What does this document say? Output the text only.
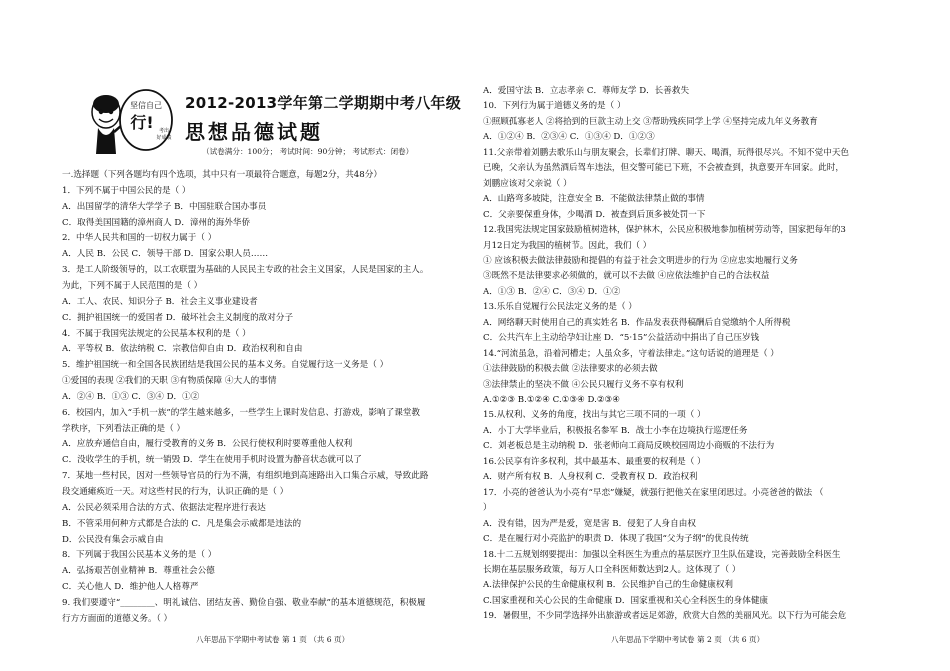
坚信自己
行! 考出
好成绩
2012-2013学年第二学期期中考八年级
思想品德试题
（试卷满分：100分； 考试时间：90分钟； 考试形式：闭卷）
一.选择题（下列各题均有四个选项，其中只有一项最符合题意，每题2分，共48分）
1．下列不属于中国公民的是（ ）
A．出国留学的清华大学学子 B．中国驻联合国办事员
C．取得美国国籍的漳州商人 D．漳州的海外华侨
2．中华人民共和国的一切权力属于（ ）
A．人民 B．公民 C．领导干部 D．国家公职人员……
3．是工人阶级领导的，以工农联盟为基础的人民民主专政的社会主义国家，人民是国家的主人。
为此，下列不属于人民范围的是（ ）
A．工人、农民、知识分子 B．社会主义事业建设者
C．拥护祖国统一的爱国者 D．破坏社会主义制度的敌对分子
4．不属于我国宪法规定的公民基本权利的是（ ）
A．平等权 B．依法纳税 C．宗教信仰自由 D．政治权利和自由
5．维护祖国统一和全国各民族团结是我国公民的基本义务。自觉履行这一义务是（ ）
①爱国的表现 ②我们的天职 ③有物质保障 ④大人的事情
A．②④ B．①③ C．③④ D．①②
6．校园内，加入“手机一族”的学生越来越多，一些学生上课时发信息、打游戏，影响了课堂教
学秩序，下列看法正确的是（ ）
A．应放弃通信自由，履行受教育的义务 B．公民行使权利时要尊重他人权利
C．没收学生的手机，统一销毁 D．学生在使用手机时设置为静音状态就可以了
7．某地一些村民，因对一些领导官员的行为不满，有组织地到高速路出入口集合示威，导致此路
段交通瘫痪近一天。对这些村民的行为，认识正确的是（ ）
A．公民必须采用合法的方式、依据法定程序进行表达
B．不管采用何种方式都是合法的 C．凡是集会示威都是违法的
D．公民没有集会示威自由
8．下列属于我国公民基本义务的是（ ）
A．弘扬艰苦创业精神 B．尊重社会公德
C．关心他人 D．维护他人人格尊严
9. 我们要遵守“________、明礼诚信、团结友善、勤俭自强、敬业奉献”的基本道德规范，积极履
行方方面面的道德义务。（ ）
八年思品下学期中考试卷 第 1 页 （共 6 页）
A．爱国守法 B．立志孝亲 C．尊师友学 D．长善救失
10．下列行为属于道德义务的是（ ）
①照顾孤寡老人 ②将拾到的巨款主动上交 ③帮助残疾同学上学 ④坚持完成九年义务教育
A．①②④ B．②③④ C．①③④ D．①②③
11.父亲带着刘鹏去歌乐山与朋友聚会，长辈们打牌、聊天、喝酒，玩得很尽兴。不知不觉中天色
已晚，父亲认为虽然酒后驾车违法，但交警可能已下班，不会被查到，执意要开车回家。此时，
刘鹏应该对父亲说（ ）
A．山路弯多坡陡，注意安全 B．不能做法律禁止做的事情
C．父亲要保重身体，少喝酒 D．被查到后顶多被处罚一下
12.我国宪法规定国家鼓励植树造林，保护林木，公民应积极地参加植树劳动等，国家把每年的3
月12日定为我国的植树节。因此，我们（ ）
① 应该积极去做法律鼓励和提倡的有益于社会文明进步的行为 ②应忠实地履行义务
③既然不是法律要求必须做的，就可以不去做 ④应依法维护自己的合法权益
A．①③ B．②④ C．③④ D．①②
13.乐乐自觉履行公民法定义务的是（ ）
A．网络聊天时使用自己的真实姓名 B．作品发表获得稿酬后自觉缴纳个人所得税
C．公共汽车上主动给孕妇让座 D．“5·15”公益活动中捐出了自己压岁钱
14.“河流虽急，沿着河槽走；人虽众多，守着法律走。”这句话说的道理是（ ）
①法律鼓励的积极去做 ②法律要求的必须去做
③法律禁止的坚决不做 ④公民只履行义务不享有权利
A.①②③ B.①②④ C.①③④ D.②③④
15.从权利、义务的角度，找出与其它三项不同的一项（ ）
A．小丁大学毕业后，积极报名参军 B．战士小李在边境执行巡逻任务
C．刘老板总是主动纳税 D．张老师向工商局反映校园周边小商贩的不法行为
16.公民享有许多权利，其中最基本、最重要的权利是（ ）
A．财产所有权 B．人身权利 C．受教育权 D．政治权利
17．小亮的爸爸认为小亮有“早恋”嫌疑，就强行把他关在家里闭思过。小亮爸爸的做法 （
）
A．没有错，因为严是爱，宽是害 B．侵犯了人身自由权
C．是在履行对小亮监护的职责 D．体现了我国“父为子纲”的优良传统
18.十二五规划纲要提出：加强以全科医生为重点的基层医疗卫生队伍建设，完善鼓励全科医生
长期在基层服务政策，每万人口全科医师数达到2人。这体现了（ ）
A.法律保护公民的生命健康权利 B．公民维护自己的生命健康权利
C.国家重视和关心公民的生命健康 D．国家重视和关心全科医生的身体健康
19．暑假里，不少同学选择外出旅游或者远足郊游，欣赏大自然的美丽风光。以下行为可能会危
八年思品下学期中考试卷 第 2 页 （共 6 页）
